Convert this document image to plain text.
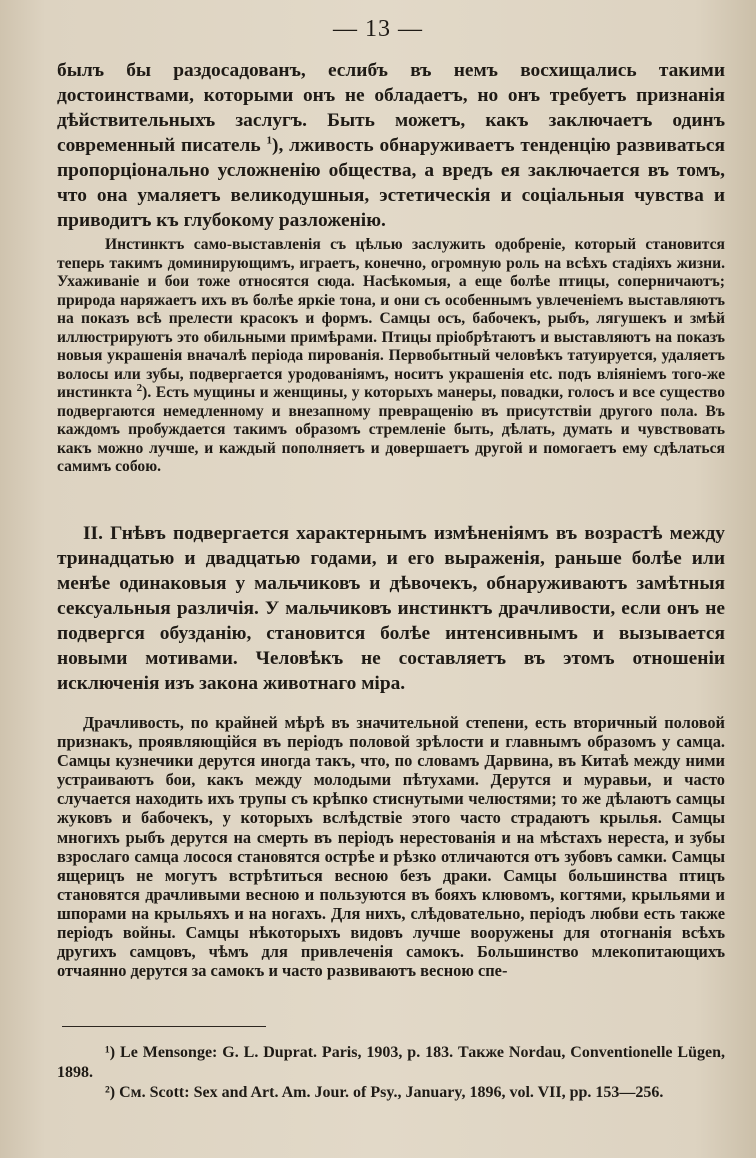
— 13 —

былъ бы раздосадованъ, еслибъ въ немъ восхищались такими достоинствами, которыми онъ не обладаетъ, но онъ требуетъ признанія дѣйствительныхъ заслугъ. Быть можетъ, какъ заключаетъ одинъ современный писатель $^1$), лживость обнаруживаетъ тенденцію развиваться пропорціонально усложненію общества, а вредъ ея заключается въ томъ, что она умаляетъ великодушныя, эстетическія и соціальныя чувства и приводитъ къ глубокому разложенію.

Инстинктъ само-выставленія съ цѣлью заслужить одобреніе, который становится теперь такимъ доминирующимъ, играетъ, конечно, огромную роль на всѣхъ стадіяхъ жизни. Ухаживаніе и бои тоже относятся сюда. Насѣкомыя, а еще болѣе птицы, соперничаютъ; природа наряжаетъ ихъ въ болѣе яркіе тона, и они съ особеннымъ увлеченіемъ выставляютъ на показъ всѣ прелести красокъ и формъ. Самцы осъ, бабочекъ, рыбъ, лягушекъ и змѣй иллюстрируютъ это обильными примѣрами. Птицы пріобрѣтаютъ и выставляютъ на показъ новыя украшенія вначалѣ періода пированія. Первобытный человѣкъ татуируется, удаляетъ волосы или зубы, подвергается уродованіямъ, носитъ украшенія etc. подъ вліяніемъ того-же инстинкта $^2$). Есть мущины и женщины, у которыхъ манеры, повадки, голосъ и все существо подвергаются немедленному и внезапному превращенію въ присутствіи другого пола. Въ каждомъ пробуждается такимъ образомъ стремленіе быть, дѣлать, думать и чувствовать какъ можно лучше, и каждый пополняетъ и довершаетъ другой и помогаетъ ему сдѣлаться самимъ собою.

II. Гнѣвъ подвергается характернымъ измѣненіямъ въ возрастѣ между тринадцатью и двадцатью годами, и его выраженія, раньше болѣе или менѣе одинаковыя у мальчиковъ и дѣвочекъ, обнаруживаютъ замѣтныя сексуальныя различія. У мальчиковъ инстинктъ драчливости, если онъ не подвергся обузданію, становится болѣе интенсивнымъ и вызывается новыми мотивами. Человѣкъ не составляетъ въ этомъ отношеніи исключенія изъ закона животнаго міра.

Драчливость, по крайней мѣрѣ въ значительной степени, есть вторичный половой признакъ, проявляющійся въ періодъ половой зрѣлости и главнымъ образомъ у самца. Самцы кузнечики дерутся иногда такъ, что, по словамъ Дарвина, въ Китаѣ между ними устраиваютъ бои, какъ между молодыми пѣтухами. Дерутся и муравьи, и часто случается находить ихъ трупы съ крѣпко стиснутыми челюстями; то же дѣлаютъ самцы жуковъ и бабочекъ, у которыхъ вслѣдствіе этого часто страдаютъ крылья. Самцы многихъ рыбъ дерутся на смерть въ періодъ нерестованія и на мѣстахъ нереста, и зубы взрослаго самца лосося становятся острѣе и рѣзко отличаются отъ зубовъ самки. Самцы ящерицъ не могутъ встрѣтиться весною безъ драки. Самцы большинства птицъ становятся драчливыми весною и пользуются въ бояхъ клювомъ, когтями, крыльями и шпорами на крыльяхъ и на ногахъ. Для нихъ, слѣдовательно, періодъ любви есть также періодъ войны. Самцы нѣкоторыхъ видовъ лучше вооружены для отогнанія всѣхъ другихъ самцовъ, чѣмъ для привлеченія самокъ. Большинство млекопитающихъ отчаянно дерутся за самокъ и часто развиваютъ весною спе-

¹) Le Mensonge: G. L. Duprat. Paris, 1903, p. 183. Также Nordau, Conventionelle Lügen, 1898.

²) См. Scott: Sex and Art. Am. Jour. of Psy., January, 1896, vol. VII, pp. 153—256.
